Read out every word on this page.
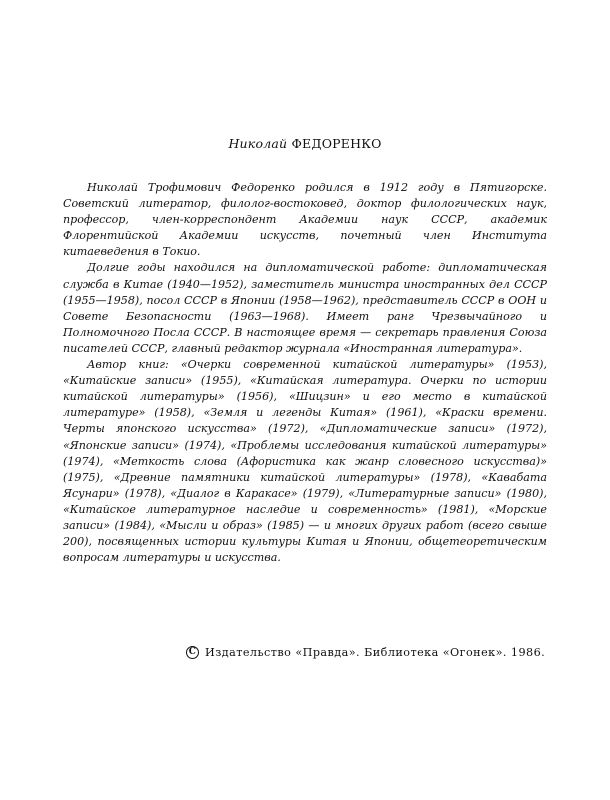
Николай ФЕДОРЕНКО

Николай Трофимович Федоренко родился в 1912 году в Пятигорске. Советский литератор, филолог-востоковед, доктор филологических наук, профессор, член-корреспондент Академии наук СССР, академик Флорентийской Академии искусств, почетный член Института китаеведения в Токио.

Долгие годы находился на дипломатической работе: дипломатическая служба в Китае (1940—1952), заместитель министра иностранных дел СССР (1955—1958), посол СССР в Японии (1958—1962), представитель СССР в ООН и Совете Безопасности (1963—1968). Имеет ранг Чрезвычайного и Полномочного Посла СССР. В настоящее время — секретарь правления Союза писателей СССР, главный редактор журнала «Иностранная литература».

Автор книг: «Очерки современной китайской литературы» (1953), «Китайские записи» (1955), «Китайская литература. Очерки по истории китайской литературы» (1956), «Шицзин» и его место в китайской литературе» (1958), «Земля и легенды Китая» (1961), «Краски времени. Черты японского искусства» (1972), «Дипломатические записи» (1972), «Японские записи» (1974), «Проблемы исследования китайской литературы» (1974), «Меткость слова (Афористика как жанр словесного искусства)» (1975), «Древние памятники китайской литературы» (1978), «Кавабата Ясунари» (1978), «Диалог в Каракасе» (1979), «Литературные записи» (1980), «Китайское литературное наследие и современность» (1981), «Морские записи» (1984), «Мысли и образ» (1985) — и многих других работ (всего свыше 200), посвященных истории культуры Китая и Японии, общетеоретическим вопросам литературы и искусства.

C Издательство «Правда». Библиотека «Огонек». 1986.
